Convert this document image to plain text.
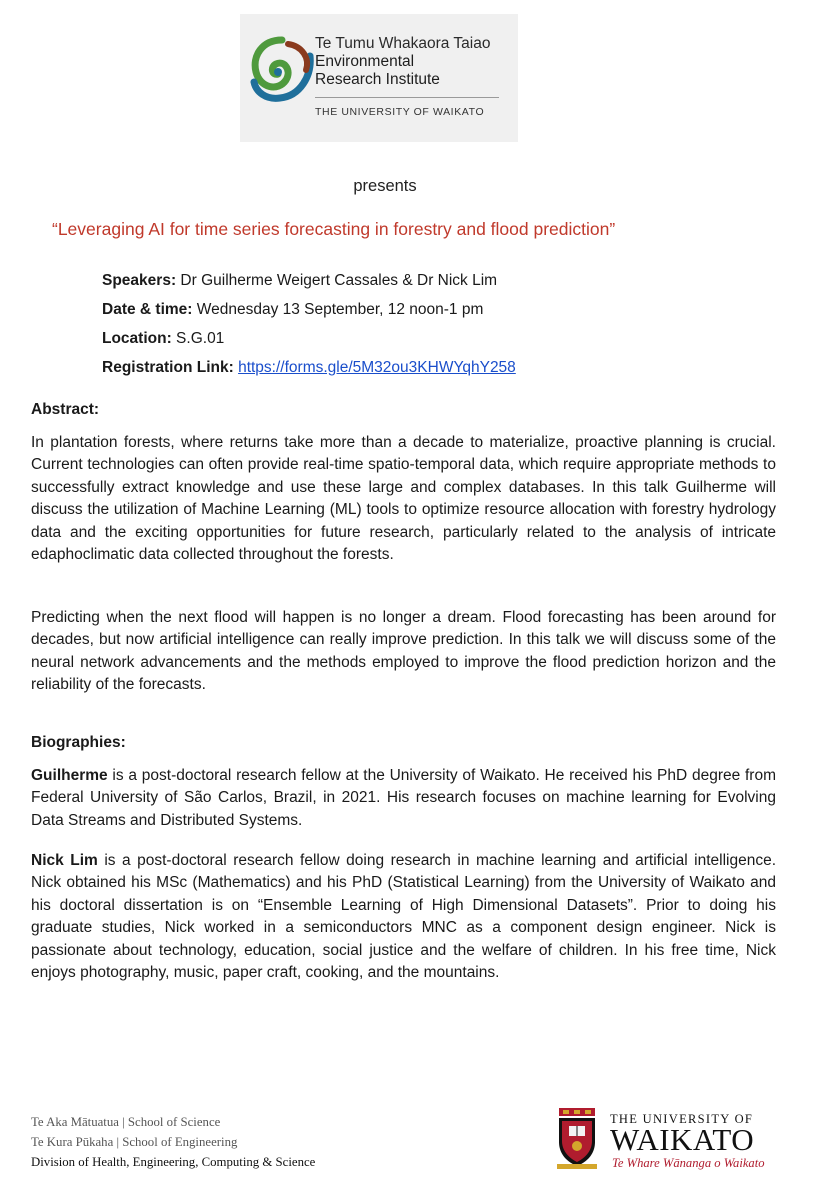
Te Tumu Whakaora Taiao
Environmental
Research Institute
THE UNIVERSITY OF WAIKATO
presents
“Leveraging AI for time series forecasting in forestry and flood prediction”
Speakers: Dr Guilherme Weigert Cassales & Dr Nick Lim
Date & time: Wednesday 13 September, 12 noon-1 pm
Location: S.G.01
Registration Link: https://forms.gle/5M32ou3KHWYqhY258
Abstract:

In plantation forests, where returns take more than a decade to materialize, proactive planning is crucial. Current technologies can often provide real-time spatio-temporal data, which require appropriate methods to successfully extract knowledge and use these large and complex databases. In this talk Guilherme will discuss the utilization of Machine Learning (ML) tools to optimize resource allocation with forestry hydrology data and the exciting opportunities for future research, particularly related to the analysis of intricate edaphoclimatic data collected throughout the forests.

Predicting when the next flood will happen is no longer a dream. Flood forecasting has been around for decades, but now artificial intelligence can really improve prediction. In this talk we will discuss some of the neural network advancements and the methods employed to improve the flood prediction horizon and the reliability of the forecasts.

Biographies:

Guilherme is a post-doctoral research fellow at the University of Waikato. He received his PhD degree from Federal University of São Carlos, Brazil, in 2021. His research focuses on machine learning for Evolving Data Streams and Distributed Systems.

Nick Lim is a post-doctoral research fellow doing research in machine learning and artificial intelligence. Nick obtained his MSc (Mathematics) and his PhD (Statistical Learning) from the University of Waikato and his doctoral dissertation is on “Ensemble Learning of High Dimensional Datasets”. Prior to doing his graduate studies, Nick worked in a semiconductors MNC as a component design engineer. Nick is passionate about technology, education, social justice and the welfare of children. In his free time, Nick enjoys photography, music, paper craft, cooking, and the mountains.

Te Aka Mātuatua | School of Science
Te Kura Pūkaha | School of Engineering
Division of Health, Engineering, Computing & Science
THE UNIVERSITY OF
WAIKATO
Te Whare Wānanga o Waikato
